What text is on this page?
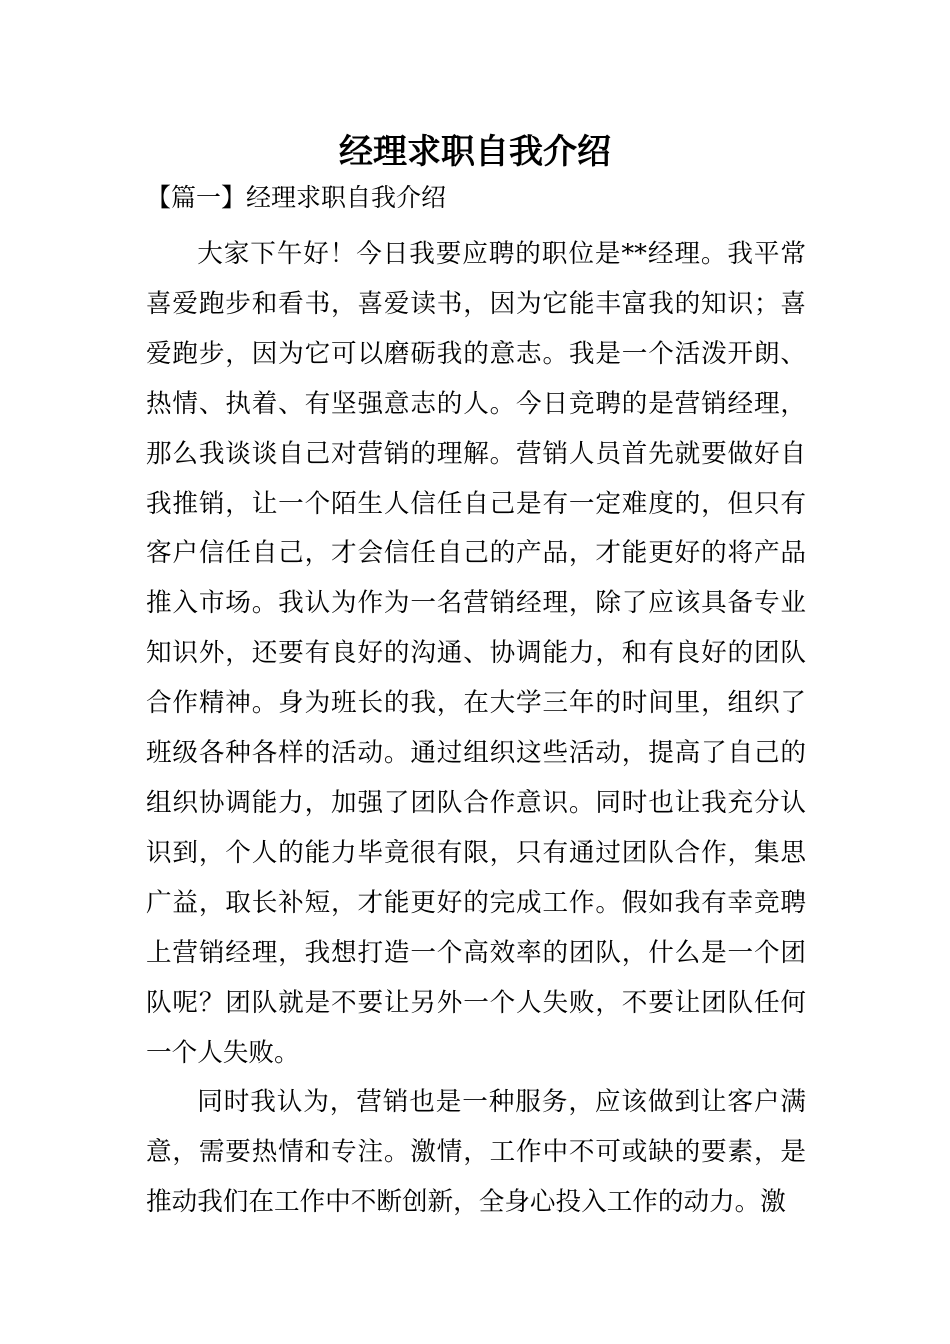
经理求职自我介绍
【篇一】经理求职自我介绍

大家下午好！今日我要应聘的职位是**经理。我平常喜爱跑步和看书，喜爱读书，因为它能丰富我的知识；喜爱跑步，因为它可以磨砺我的意志。我是一个活泼开朗、热情、执着、有坚强意志的人。今日竞聘的是营销经理，那么我谈谈自己对营销的理解。营销人员首先就要做好自我推销，让一个陌生人信任自己是有一定难度的，但只有客户信任自己，才会信任自己的产品，才能更好的将产品推入市场。我认为作为一名营销经理，除了应该具备专业知识外，还要有良好的沟通、协调能力，和有良好的团队合作精神。身为班长的我，在大学三年的时间里，组织了班级各种各样的活动。通过组织这些活动，提高了自己的组织协调能力，加强了团队合作意识。同时也让我充分认识到，个人的能力毕竟很有限，只有通过团队合作，集思广益，取长补短，才能更好的完成工作。假如我有幸竞聘上营销经理，我想打造一个高效率的团队，什么是一个团队呢？团队就是不要让另外一个人失败，不要让团队任何一个人失败。

同时我认为，营销也是一种服务，应该做到让客户满意，需要热情和专注。激情，工作中不可或缺的要素，是推动我们在工作中不断创新，全身心投入工作的动力。激
